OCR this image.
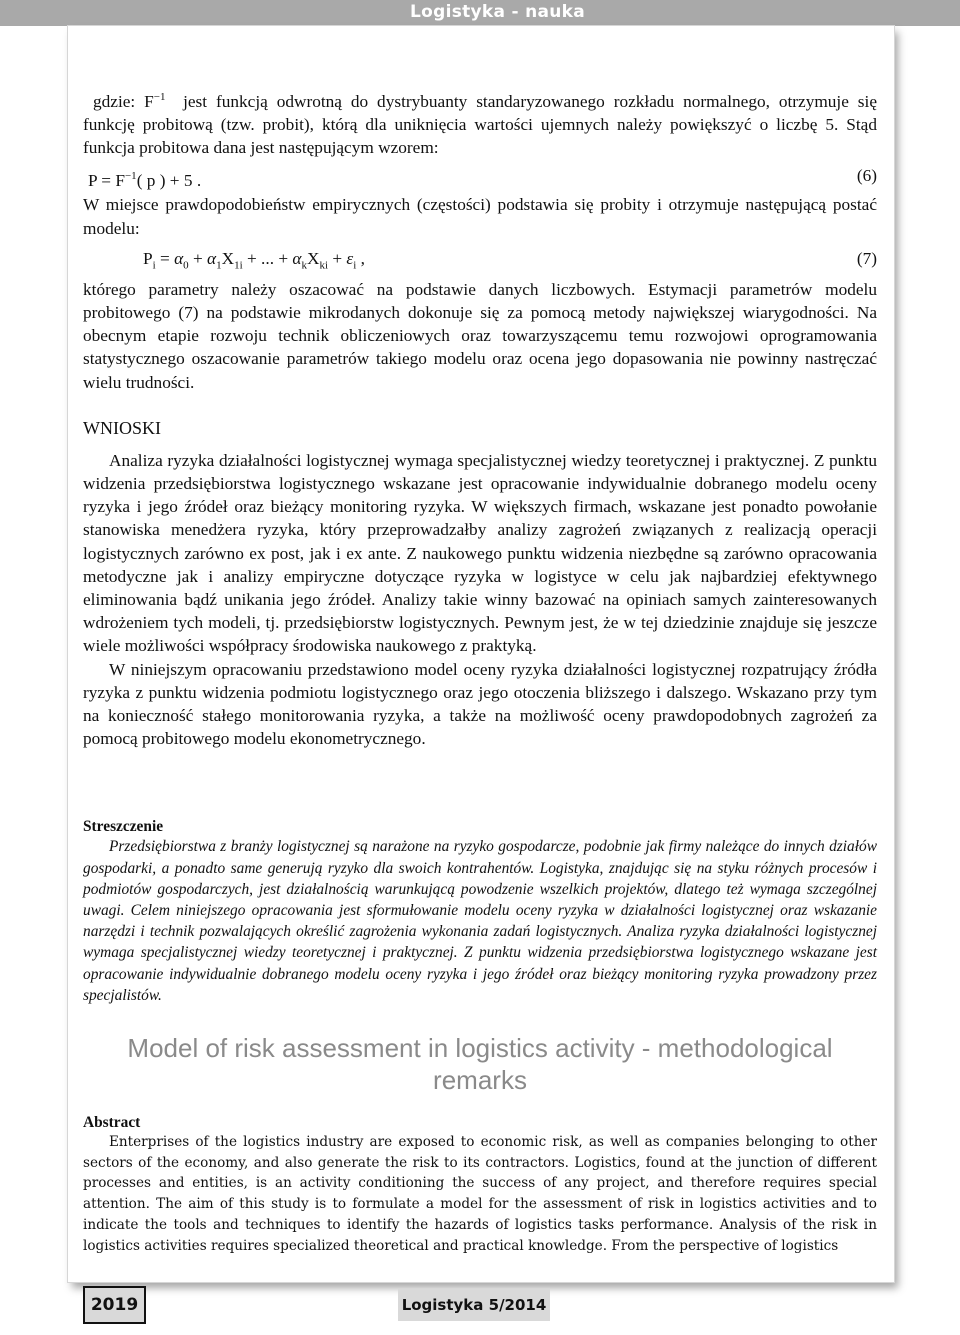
Logistyka - nauka

gdzie: $F^{-1}$ jest funkcją odwrotną do dystrybuanty standaryzowanego rozkładu normalnego, otrzymuje się funkcję probitową (tzw. probit), którą dla uniknięcia wartości ujemnych należy powiększyć o liczbę 5. Stąd funkcja probitowa dana jest następującym wzorem:

$P = F^{-1}$( p ) + 5 .	(6)

W miejsce prawdopodobieństw empirycznych (częstości) podstawia się probity i otrzymuje następującą postać modelu:

$P_i = \alpha_0 + \alpha_1X_{1i}$ + ... + $\alpha_kX_{ki} + \varepsilon_i$ ,	(7)

którego parametry należy oszacować na podstawie danych liczbowych. Estymacji parametrów modelu probitowego (7) na podstawie mikrodanych dokonuje się za pomocą metody największej wiarygodności. Na obecnym etapie rozwoju technik obliczeniowych oraz towarzyszącemu temu rozwojowi oprogramowania statystycznego oszacowanie parametrów takiego modelu oraz ocena jego dopasowania nie powinny nastręczać wielu trudności.

WNIOSKI

Analiza ryzyka działalności logistycznej wymaga specjalistycznej wiedzy teoretycznej i praktycznej. Z punktu widzenia przedsiębiorstwa logistycznego wskazane jest opracowanie indywidualnie dobranego modelu oceny ryzyka i jego źródeł oraz bieżący monitoring ryzyka. W większych firmach, wskazane jest ponadto powołanie stanowiska menedżera ryzyka, który przeprowadzałby analizy zagrożeń związanych z realizacją operacji logistycznych zarówno ex post, jak i ex ante. Z naukowego punktu widzenia niezbędne są zarówno opracowania metodyczne jak i analizy empiryczne dotyczące ryzyka w logistyce w celu jak najbardziej efektywnego eliminowania bądź unikania jego źródeł. Analizy takie winny bazować na opiniach samych zainteresowanych wdrożeniem tych modeli, tj. przedsiębiorstw logistycznych. Pewnym jest, że w tej dziedzinie znajduje się jeszcze wiele możliwości współpracy środowiska naukowego z praktyką.

W niniejszym opracowaniu przedstawiono model oceny ryzyka działalności logistycznej rozpatrujący źródła ryzyka z punktu widzenia podmiotu logistycznego oraz jego otoczenia bliższego i dalszego. Wskazano przy tym na konieczność stałego monitorowania ryzyka, a także na możliwość oceny prawdopodobnych zagrożeń za pomocą probitowego modelu ekonometrycznego.

Streszczenie

Przedsiębiorstwa z branży logistycznej są narażone na ryzyko gospodarcze, podobnie jak firmy należące do innych działów gospodarki, a ponadto same generują ryzyko dla swoich kontrahentów. Logistyka, znajdując się na styku różnych procesów i podmiotów gospodarczych, jest działalnością warunkującą powodzenie wszelkich projektów, dlatego też wymaga szczególnej uwagi. Celem niniejszego opracowania jest sformułowanie modelu oceny ryzyka w działalności logistycznej oraz wskazanie narzędzi i technik pozwalających określić zagrożenia wykonania zadań logistycznych. Analiza ryzyka działalności logistycznej wymaga specjalistycznej wiedzy teoretycznej i praktycznej. Z punktu widzenia przedsiębiorstwa logistycznego wskazane jest opracowanie indywidualnie dobranego modelu oceny ryzyka i jego źródeł oraz bieżący monitoring ryzyka prowadzony przez specjalistów.

Model of risk assessment in logistics activity - methodological remarks

Abstract

Enterprises of the logistics industry are exposed to economic risk, as well as companies belonging to other sectors of the economy, and also generate the risk to its contractors. Logistics, found at the junction of different processes and entities, is an activity conditioning the success of any project, and therefore requires special attention. The aim of this study is to formulate a model for the assessment of risk in logistics activities and to indicate the tools and techniques to identify the hazards of logistics tasks performance. Analysis of the risk in logistics activities requires specialized theoretical and practical knowledge. From the perspective of logistics

2019	Logistyka 5/2014
